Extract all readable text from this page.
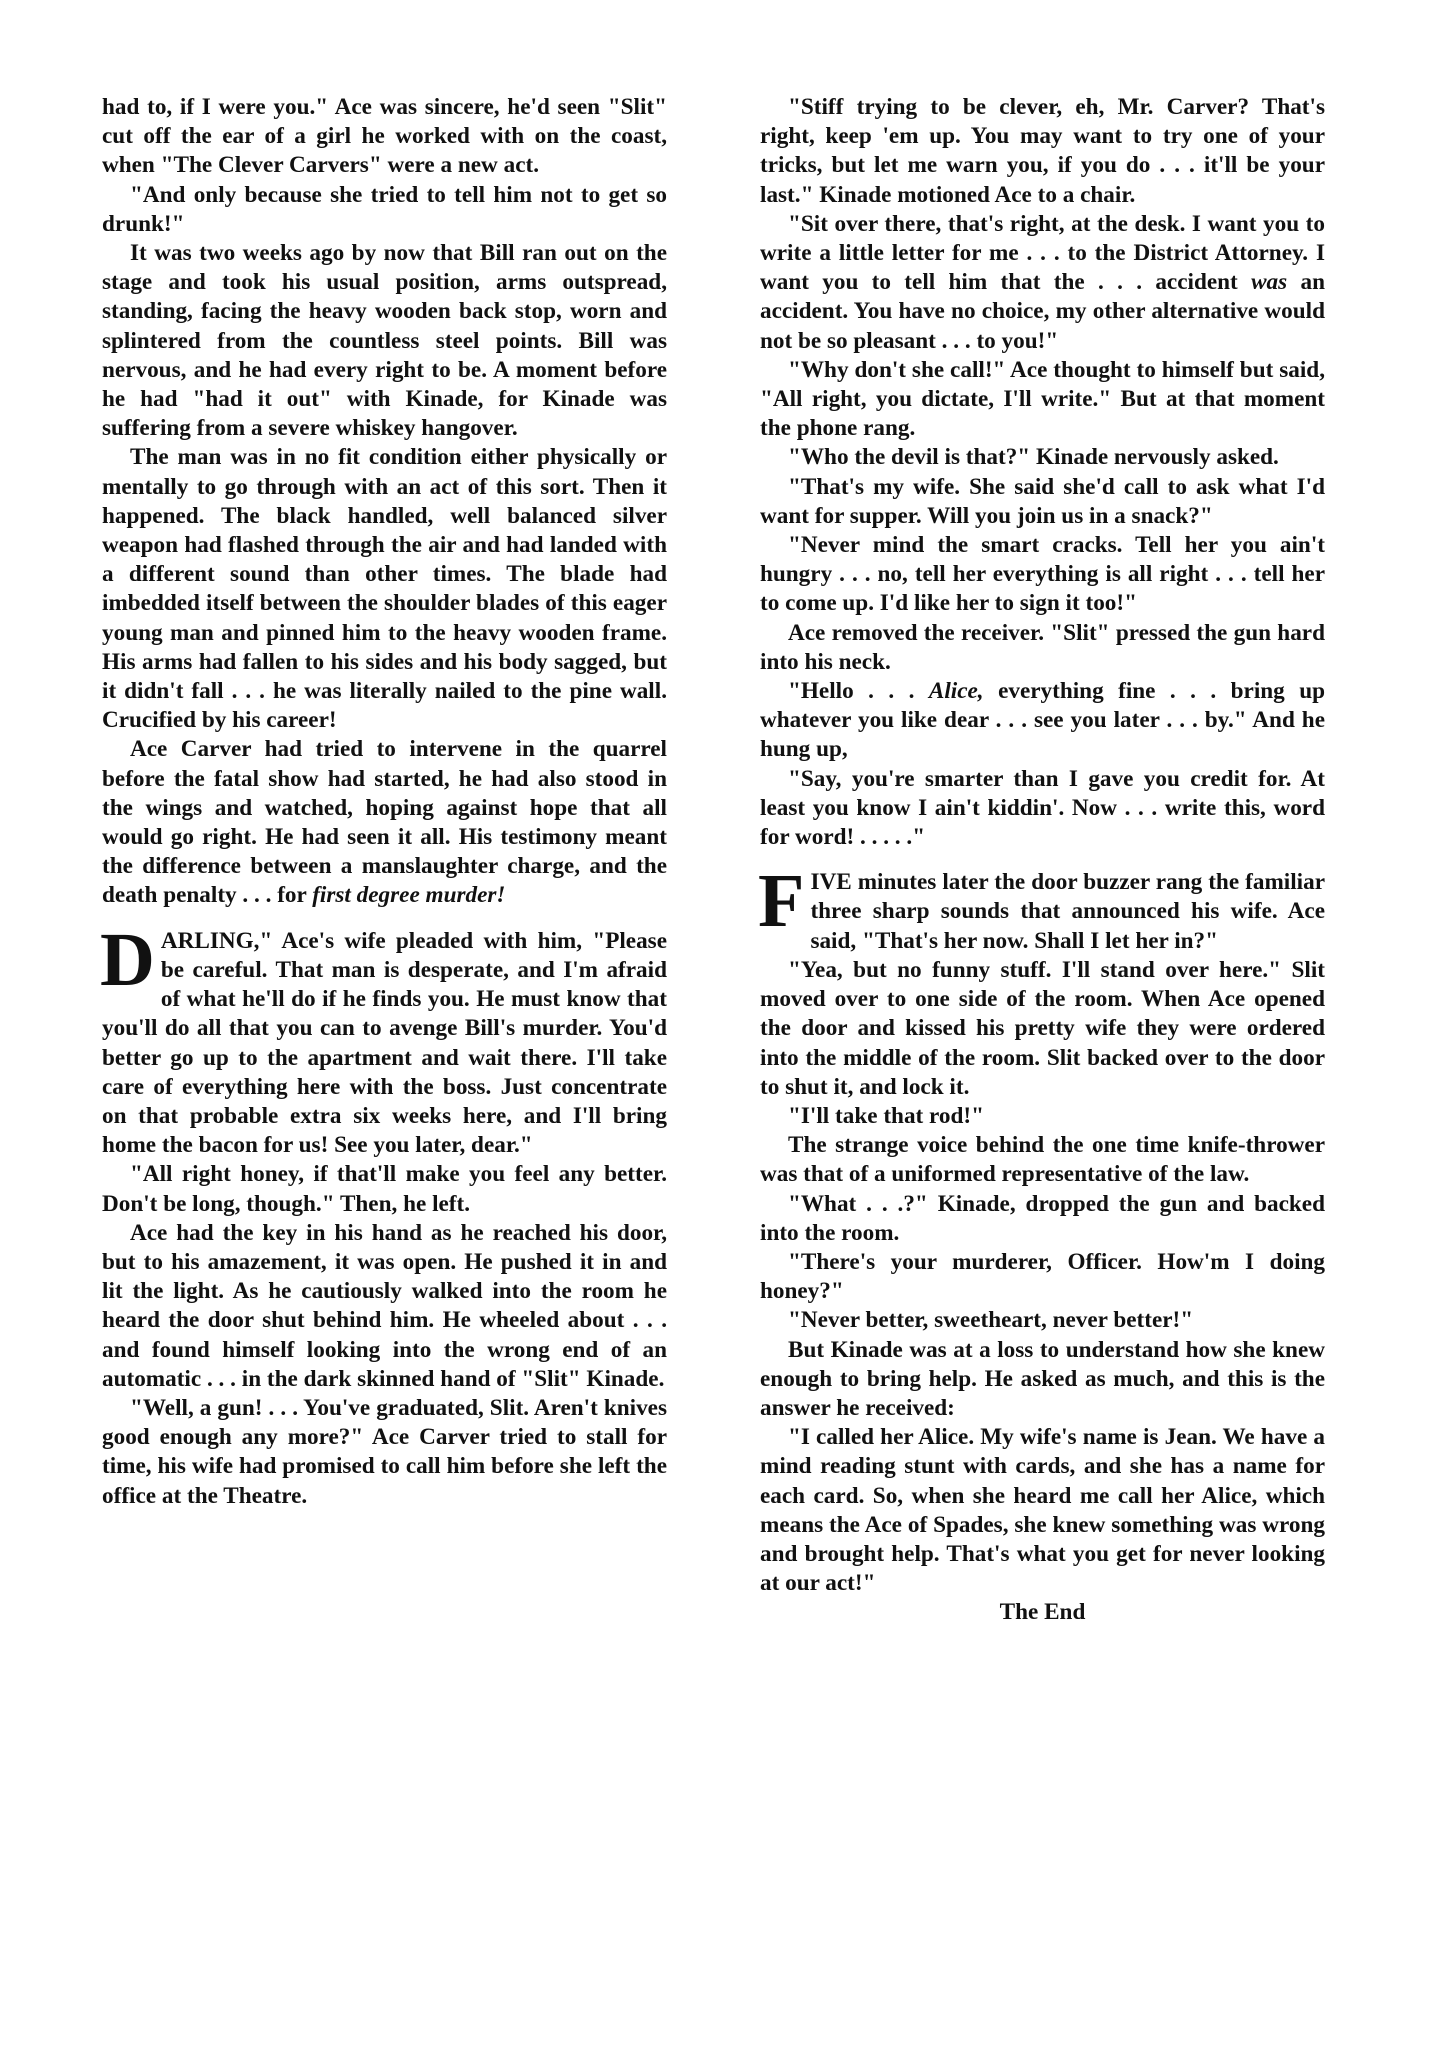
had to, if I were you." Ace was sincere, he'd seen "Slit" cut off the ear of a girl he worked with on the coast, when "The Clever Carvers" were a new act.

"And only because she tried to tell him not to get so drunk!"

It was two weeks ago by now that Bill ran out on the stage and took his usual position, arms outspread, standing, facing the heavy wooden back stop, worn and splintered from the countless steel points. Bill was nervous, and he had every right to be. A moment before he had "had it out" with Kinade, for Kinade was suffering from a severe whiskey hangover.

The man was in no fit condition either physically or mentally to go through with an act of this sort. Then it happened. The black handled, well balanced silver weapon had flashed through the air and had landed with a different sound than other times. The blade had imbedded itself between the shoulder blades of this eager young man and pinned him to the heavy wooden frame. His arms had fallen to his sides and his body sagged, but it didn't fall . . . he was literally nailed to the pine wall. Crucified by his career!

Ace Carver had tried to intervene in the quarrel before the fatal show had started, he had also stood in the wings and watched, hoping against hope that all would go right. He had seen it all. His testimony meant the difference between a manslaughter charge, and the death penalty . . . for first degree murder!

DARLING," Ace's wife pleaded with him, "Please be careful. That man is desperate, and I'm afraid of what he'll do if he finds you. He must know that you'll do all that you can to avenge Bill's murder. You'd better go up to the apartment and wait there. I'll take care of everything here with the boss. Just concentrate on that probable extra six weeks here, and I'll bring home the bacon for us! See you later, dear."

"All right honey, if that'll make you feel any better. Don't be long, though." Then, he left.

Ace had the key in his hand as he reached his door, but to his amazement, it was open. He pushed it in and lit the light. As he cautiously walked into the room he heard the door shut behind him. He wheeled about . . . and found himself looking into the wrong end of an automatic . . . in the dark skinned hand of "Slit" Kinade.

"Well, a gun! . . . You've graduated, Slit. Aren't knives good enough any more?" Ace Carver tried to stall for time, his wife had promised to call him before she left the office at the Theatre.

"Stiff trying to be clever, eh, Mr. Carver? That's right, keep 'em up. You may want to try one of your tricks, but let me warn you, if you do . . . it'll be your last." Kinade motioned Ace to a chair.

"Sit over there, that's right, at the desk. I want you to write a little letter for me . . . to the District Attorney. I want you to tell him that the . . . accident was an accident. You have no choice, my other alternative would not be so pleasant . . . to you!"

"Why don't she call!" Ace thought to himself but said, "All right, you dictate, I'll write." But at that moment the phone rang.

"Who the devil is that?" Kinade nervously asked.

"That's my wife. She said she'd call to ask what I'd want for supper. Will you join us in a snack?"

"Never mind the smart cracks. Tell her you ain't hungry . . . no, tell her everything is all right . . . tell her to come up. I'd like her to sign it too!"

Ace removed the receiver. "Slit" pressed the gun hard into his neck.

"Hello . . . Alice, everything fine . . . bring up whatever you like dear . . . see you later . . . by." And he hung up,

"Say, you're smarter than I gave you credit for. At least you know I ain't kiddin'. Now . . . write this, word for word! . . . . ."

FIVE minutes later the door buzzer rang the familiar three sharp sounds that announced his wife. Ace said, "That's her now. Shall I let her in?"

"Yea, but no funny stuff. I'll stand over here." Slit moved over to one side of the room. When Ace opened the door and kissed his pretty wife they were ordered into the middle of the room. Slit backed over to the door to shut it, and lock it.

"I'll take that rod!"

The strange voice behind the one time knife-thrower was that of a uniformed representative of the law.

"What . . .?" Kinade, dropped the gun and backed into the room.

"There's your murderer, Officer. How'm I doing honey?"

"Never better, sweetheart, never better!"

But Kinade was at a loss to understand how she knew enough to bring help. He asked as much, and this is the answer he received:

"I called her Alice. My wife's name is Jean. We have a mind reading stunt with cards, and she has a name for each card. So, when she heard me call her Alice, which means the Ace of Spades, she knew something was wrong and brought help. That's what you get for never looking at our act!"

The End
